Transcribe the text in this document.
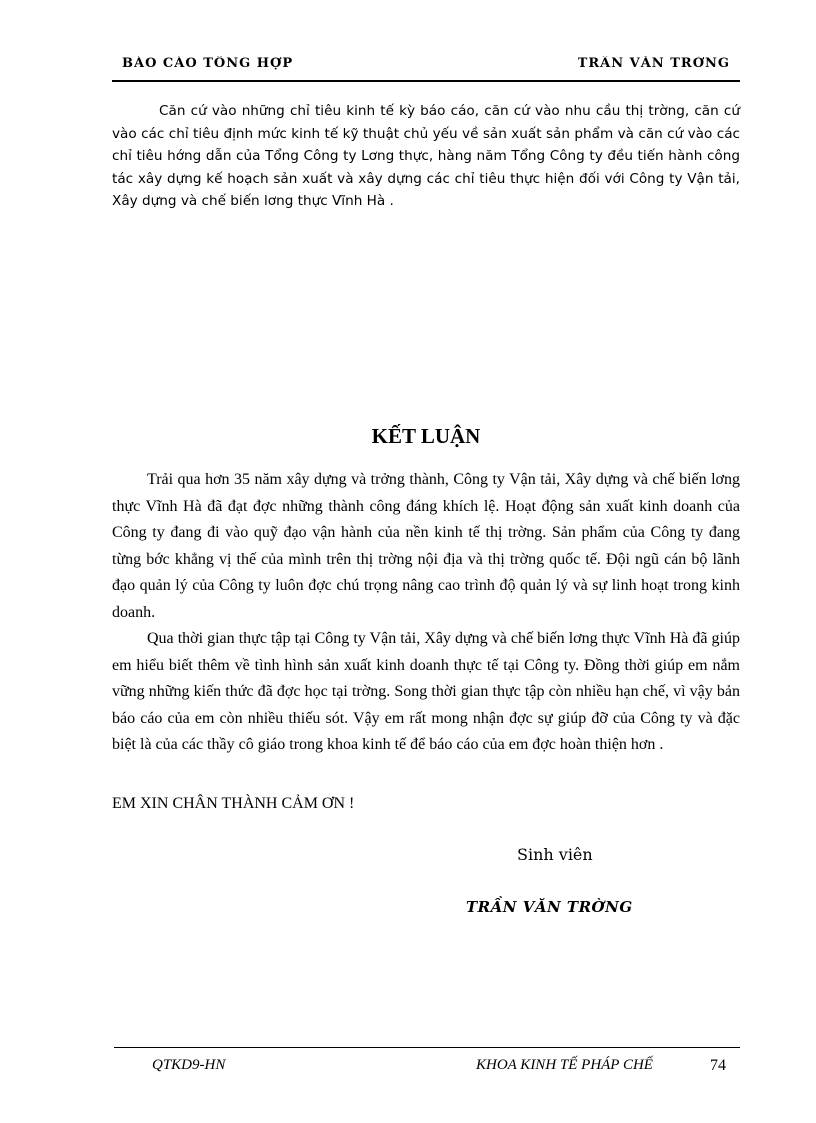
BÁO CÁO TỔNG HỢP	TRẦN VĂN TRỜNG

Căn cứ vào những chỉ tiêu kinh tế kỳ báo cáo, căn cứ vào nhu cầu thị trờng, căn cứ vào các chỉ tiêu định mức kinh tế kỹ thuật chủ yếu về sản xuất sản phẩm và căn cứ vào các chỉ tiêu hớng dẫn của Tổng Công ty Lơng thực, hàng năm Tổng Công ty đều tiến hành công tác xây dựng kế hoạch sản xuất và xây dựng các chỉ tiêu thực hiện đối với Công ty Vận tải, Xây dựng và chế biến lơng thực Vĩnh Hà .

KẾT LUẬN

Trải qua hơn 35 năm xây dựng và trởng thành, Công ty Vận tải, Xây dựng và chế biến lơng thực Vĩnh Hà đã đạt đợc những thành công đáng khích lệ. Hoạt động sản xuất kinh doanh của Công ty đang đi vào quỹ đạo vận hành của nền kinh tế thị trờng. Sản phẩm của Công ty đang từng bớc khẳng vị thế của mình trên thị trờng nội địa và thị trờng quốc tế. Đội ngũ cán bộ lãnh đạo quản lý của Công ty luôn đợc chú trọng nâng cao trình độ quản lý và sự linh hoạt trong kinh doanh.

Qua thời gian thực tập tại Công ty Vận tải, Xây dựng và chế biến lơng thực Vĩnh Hà đã giúp em hiểu biết thêm về tình hình sản xuất kinh doanh thực tế tại Công ty. Đồng thời giúp em nắm vững những kiến thức đã đợc học tại trờng. Song thời gian thực tập còn nhiều hạn chế, vì vậy bản báo cáo của em còn nhiều thiếu sót. Vậy em rất mong nhận đợc sự giúp đỡ của Công ty và đặc biệt là của các thầy cô giáo trong khoa kinh tế để báo cáo của em đợc hoàn thiện hơn .

EM XIN CHÂN THÀNH CẢM ƠN !

Sinh viên

TRẦN VĂN TRỜNG

QTKD9-HN	KHOA KINH TẾ PHÁP CHẾ	74
